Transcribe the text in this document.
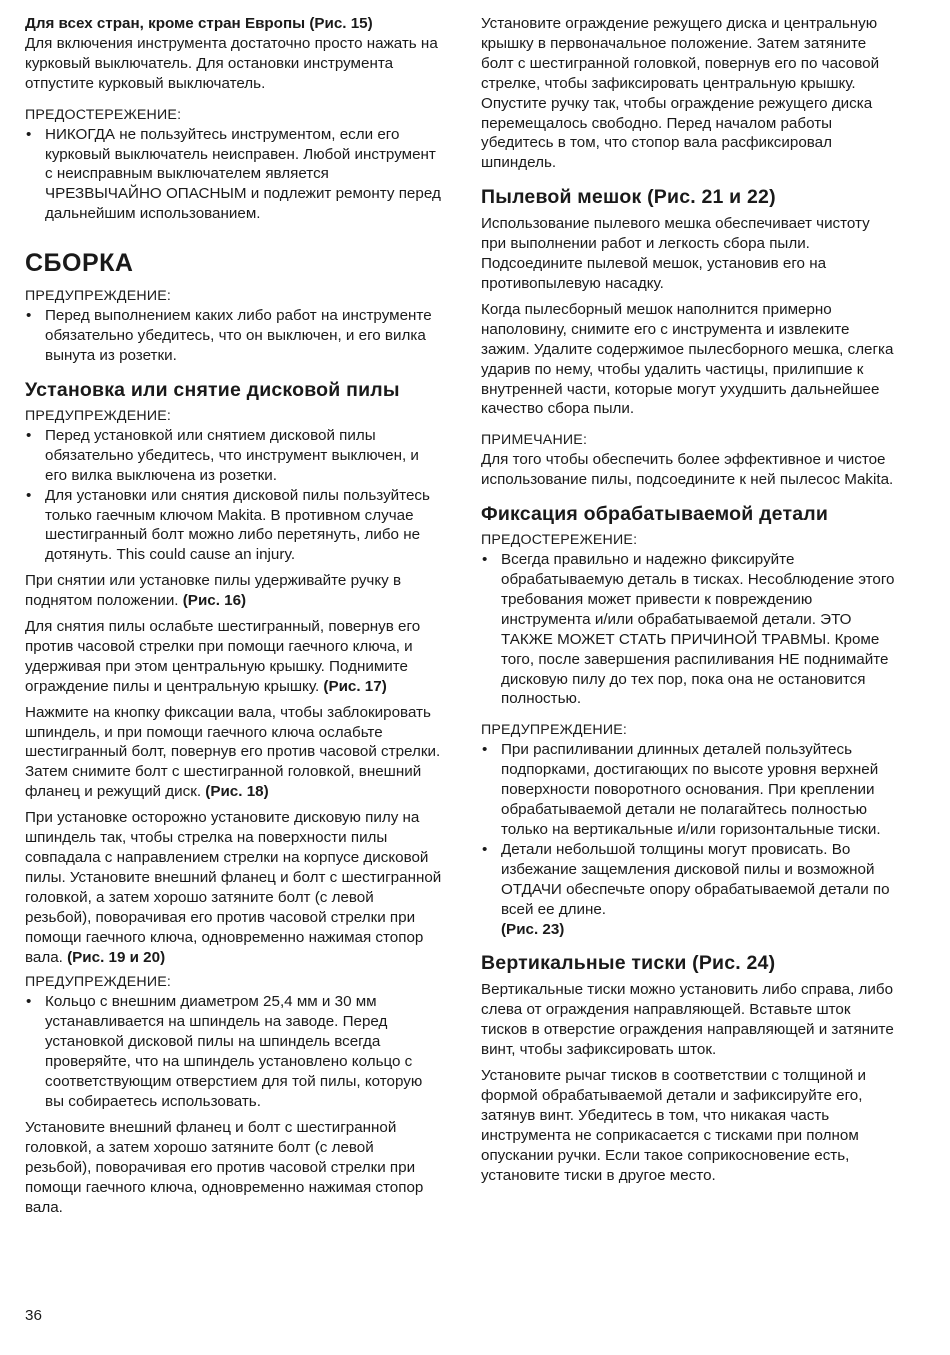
Для всех стран, кроме стран Европы (Рис. 15)

Для включения инструмента достаточно просто нажать на курковый выключатель. Для остановки инструмента отпустите курковый выключатель.

ПРЕДОСТЕРЕЖЕНИЕ:
• НИКОГДА не пользуйтесь инструментом, если его курковый выключатель неисправен. Любой инструмент с неисправным выключателем является ЧРЕЗВЫЧАЙНО ОПАСНЫМ и подлежит ремонту перед дальнейшим использованием.
СБОРКА
ПРЕДУПРЕЖДЕНИЕ:
• Перед выполнением каких либо работ на инструменте обязательно убедитесь, что он выключен, и его вилка вынута из розетки.
Установка или снятие дисковой пилы
ПРЕДУПРЕЖДЕНИЕ:
• Перед установкой или снятием дисковой пилы обязательно убедитесь, что инструмент выключен, и его вилка выключена из розетки.
• Для установки или снятия дисковой пилы пользуйтесь только гаечным ключом Makita. В противном случае шестигранный болт можно либо перетянуть, либо не дотянуть. This could cause an injury.

При снятии или установке пилы удерживайте ручку в поднятом положении. (Рис. 16)

Для снятия пилы ослабьте шестигранный, повернув его против часовой стрелки при помощи гаечного ключа, и удерживая при этом центральную крышку. Поднимите ограждение пилы и центральную крышку. (Рис. 17)

Нажмите на кнопку фиксации вала, чтобы заблокировать шпиндель, и при помощи гаечного ключа ослабьте шестигранный болт, повернув его против часовой стрелки. Затем снимите болт с шестигранной головкой, внешний фланец и режущий диск. (Рис. 18)

При установке осторожно установите дисковую пилу на шпиндель так, чтобы стрелка на поверхности пилы совпадала с направлением стрелки на корпусе дисковой пилы. Установите внешний фланец и болт с шестигранной головкой, а затем хорошо затяните болт (с левой резьбой), поворачивая его против часовой стрелки при помощи гаечного ключа, одновременно нажимая стопор вала. (Рис. 19 и 20)

ПРЕДУПРЕЖДЕНИЕ:
• Кольцо с внешним диаметром 25,4 мм и 30 мм устанавливается на шпиндель на заводе. Перед установкой дисковой пилы на шпиндель всегда проверяйте, что на шпиндель установлено кольцо с соответствующим отверстием для той пилы, которую вы собираетесь использовать.

Установите внешний фланец и болт с шестигранной головкой, а затем хорошо затяните болт (с левой резьбой), поворачивая его против часовой стрелки при помощи гаечного ключа, одновременно нажимая стопор вала.

Установите ограждение режущего диска и центральную крышку в первоначальное положение. Затем затяните болт с шестигранной головкой, повернув его по часовой стрелке, чтобы зафиксировать центральную крышку. Опустите ручку так, чтобы ограждение режущего диска перемещалось свободно. Перед началом работы убедитесь в том, что стопор вала расфиксировал шпиндель.

Пылевой мешок (Рис. 21 и 22)

Использование пылевого мешка обеспечивает чистоту при выполнении работ и легкость сбора пыли. Подсоедините пылевой мешок, установив его на противопылевую насадку.

Когда пылесборный мешок наполнится примерно наполовину, снимите его с инструмента и извлеките зажим. Удалите содержимое пылесборного мешка, слегка ударив по нему, чтобы удалить частицы, прилипшие к внутренней части, которые могут ухудшить дальнейшее качество сбора пыли.

ПРИМЕЧАНИЕ:

Для того чтобы обеспечить более эффективное и чистое использование пилы, подсоедините к ней пылесос Makita.

Фиксация обрабатываемой детали
ПРЕДОСТЕРЕЖЕНИЕ:
• Всегда правильно и надежно фиксируйте обрабатываемую деталь в тисках. Несоблюдение этого требования может привести к повреждению инструмента и/или обрабатываемой детали. ЭТО ТАКЖЕ МОЖЕТ СТАТЬ ПРИЧИНОЙ ТРАВМЫ. Кроме того, после завершения распиливания НЕ поднимайте дисковую пилу до тех пор, пока она не остановится полностью.
ПРЕДУПРЕЖДЕНИЕ:
• При распиливании длинных деталей пользуйтесь подпорками, достигающих по высоте уровня верхней поверхности поворотного основания. При креплении обрабатываемой детали не полагайтесь полностью только на вертикальные и/или горизонтальные тиски.
• Детали небольшой толщины могут провисать. Во избежание защемления дисковой пилы и возможной ОТДАЧИ обеспечьте опору обрабатываемой детали по всей ее длине.
(Рис. 23)
Вертикальные тиски (Рис. 24)

Вертикальные тиски можно установить либо справа, либо слева от ограждения направляющей. Вставьте шток тисков в отверстие ограждения направляющей и затяните винт, чтобы зафиксировать шток.

Установите рычаг тисков в соответствии с толщиной и формой обрабатываемой детали и зафиксируйте его, затянув винт. Убедитесь в том, что никакая часть инструмента не соприкасается с тисками при полном опускании ручки. Если такое соприкосновение есть, установите тиски в другое место.

36
